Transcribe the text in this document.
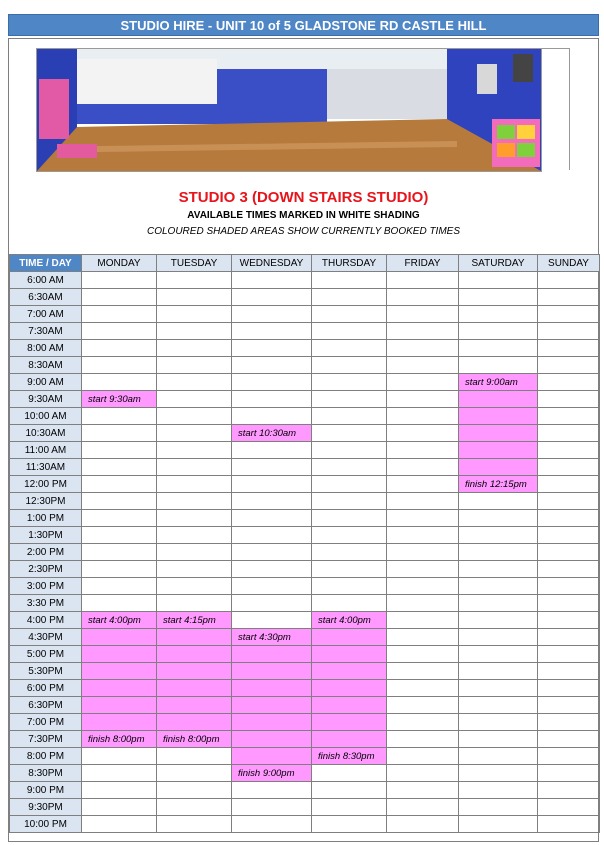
STUDIO HIRE - UNIT 10 of 5 GLADSTONE RD CASTLE HILL
STUDIO 3 (DOWN STAIRS STUDIO)
AVAILABLE TIMES MARKED IN WHITE SHADING
COLOURED SHADED AREAS SHOW CURRENTLY BOOKED TIMES
TIME / DAY	MONDAY	TUESDAY	WEDNESDAY	THURSDAY	FRIDAY	SATURDAY	SUNDAY
6:00 AM							
6:30AM							
7:00 AM							
7:30AM							
8:00 AM							
8:30AM							
9:00 AM						start 9:00am	
9:30AM	start 9:30am						
10:00 AM							
10:30AM			start 10:30am				
11:00 AM							
11:30AM							
12:00 PM						finish 12:15pm	
12:30PM							
1:00 PM							
1:30PM							
2:00 PM							
2:30PM							
3:00 PM							
3:30 PM							
4:00 PM	start 4:00pm	start 4:15pm		start 4:00pm			
4:30PM			start 4:30pm				
5:00 PM							
5:30PM							
6:00 PM							
6:30PM							
7:00 PM							
7:30PM	finish 8:00pm	finish 8:00pm					
8:00 PM				finish 8:30pm			
8:30PM			finish 9:00pm				
9:00 PM							
9:30PM							
10:00 PM							
